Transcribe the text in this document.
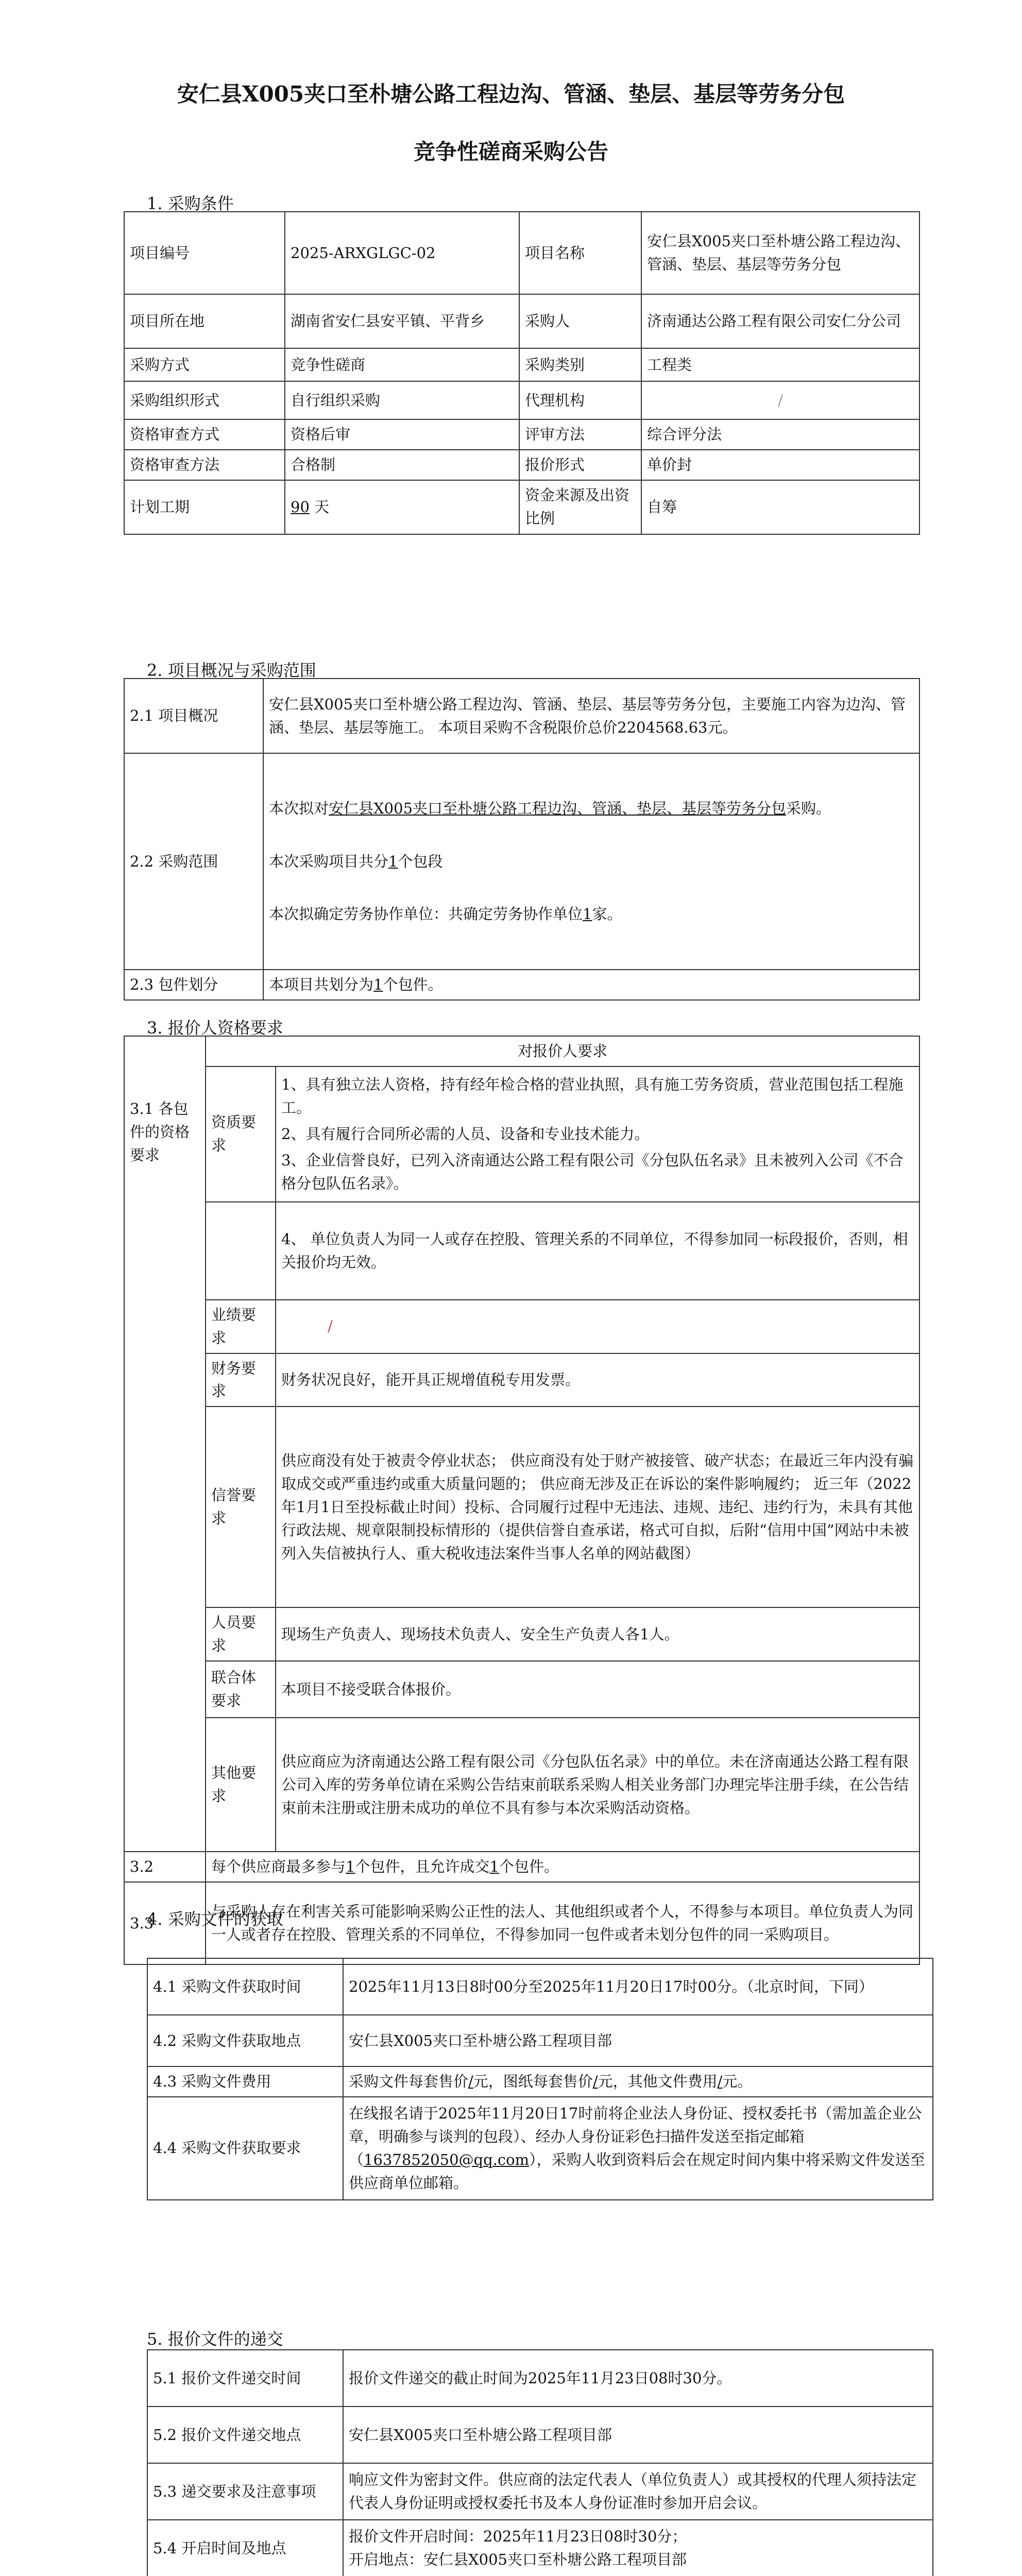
安仁县X005夹口至朴塘公路工程边沟、管涵、垫层、基层等劳务分包
竞争性磋商采购公告
1. 采购条件
项目编号	2025-ARXGLGC-02	项目名称	安仁县X005夹口至朴塘公路工程边沟、管涵、垫层、基层等劳务分包
项目所在地	湖南省安仁县安平镇、平背乡	采购人	济南通达公路工程有限公司安仁分公司
采购方式	竞争性磋商	采购类别	工程类
采购组织形式	自行组织采购	代理机构	/
资格审查方式	资格后审	评审方法	综合评分法
资格审查方法	合格制	报价形式	单价封
计划工期	90 天	资金来源及出资比例	自筹
2. 项目概况与采购范围
2.1 项目概况	安仁县X005夹口至朴塘公路工程边沟、管涵、垫层、基层等劳务分包，主要施工内容为边沟、管涵、垫层、基层等施工。 本项目采购不含税限价总价2204568.63元。
2.2 采购范围	本次拟对安仁县X005夹口至朴塘公路工程边沟、管涵、垫层、基层等劳务分包采购。
本次采购项目共分1个包段
本次拟确定劳务协作单位：共确定劳务协作单位1家。

2.3 包件划分	本项目共划分为1个包件。
3. 报价人资格要求
	对报价人要求	
3.1 各包件的资格要求	资质要求	1、具有独立法人资格，持有经年检合格的营业执照，具有施工劳务资质，营业范围包括工程施工。
2、具有履行合同所必需的人员、设备和专业技术能力。
3、企业信誉良好，已列入济南通达公路工程有限公司《分包队伍名录》且未被列入公司《不合格分包队伍名录》。

		4、 单位负责人为同一人或存在控股、管理关系的不同单位，不得参加同一标段报价，否则，相关报价均无效。
	业绩要求	/
	财务要求	财务状况良好，能开具正规增值税专用发票。
	信誉要求	供应商没有处于被责令停业状态； 供应商没有处于财产被接管、破产状态；在最近三年内没有骗取成交或严重违约或重大质量问题的； 供应商无涉及正在诉讼的案件影响履约； 近三年（2022年1月1日至投标截止时间）投标、合同履行过程中无违法、违规、违纪、违约行为，未具有其他行政法规、规章限制投标情形的（提供信誉自查承诺，格式可自拟，后附“信用中国”网站中未被列入失信被执行人、重大税收违法案件当事人名单的网站截图）
	人员要求	现场生产负责人、现场技术负责人、安全生产负责人各1人。
	联合体要求	本项目不接受联合体报价。
	其他要求	供应商应为济南通达公路工程有限公司《分包队伍名录》中的单位。未在济南通达公路工程有限公司入库的劳务单位请在采购公告结束前联系采购人相关业务部门办理完毕注册手续，在公告结束前未注册或注册未成功的单位不具有参与本次采购活动资格。
3.2	每个供应商最多参与1个包件，且允许成交1个包件。	
3.3	与采购人存在利害关系可能影响采购公正性的法人、其他组织或者个人，不得参与本项目。单位负责人为同一人或者存在控股、管理关系的不同单位，不得参加同一包件或者未划分包件的同一采购项目。	
4. 采购文件的获取
4.1 采购文件获取时间	2025年11月13日8时00分至2025年11月20日17时00分。（北京时间，下同）
4.2 采购文件获取地点	安仁县X005夹口至朴塘公路工程项目部
4.3 采购文件费用	采购文件每套售价/元，图纸每套售价/元，其他文件费用/元。
4.4 采购文件获取要求	在线报名请于2025年11月20日17时前将企业法人身份证、授权委托书（需加盖企业公章，明确参与谈判的包段）、经办人身份证彩色扫描件发送至指定邮箱（1637852050@qq.com），采购人收到资料后会在规定时间内集中将采购文件发送至供应商单位邮箱。
5. 报价文件的递交
5.1 报价文件递交时间	报价文件递交的截止时间为2025年11月23日08时30分。
5.2 报价文件递交地点	安仁县X005夹口至朴塘公路工程项目部
5.3 递交要求及注意事项	响应文件为密封文件。供应商的法定代表人（单位负责人）或其授权的代理人须持法定代表人身份证明或授权委托书及本人身份证准时参加开启会议。
5.4 开启时间及地点	报价文件开启时间：2025年11月23日08时30分；
开启地点：安仁县X005夹口至朴塘公路工程项目部
